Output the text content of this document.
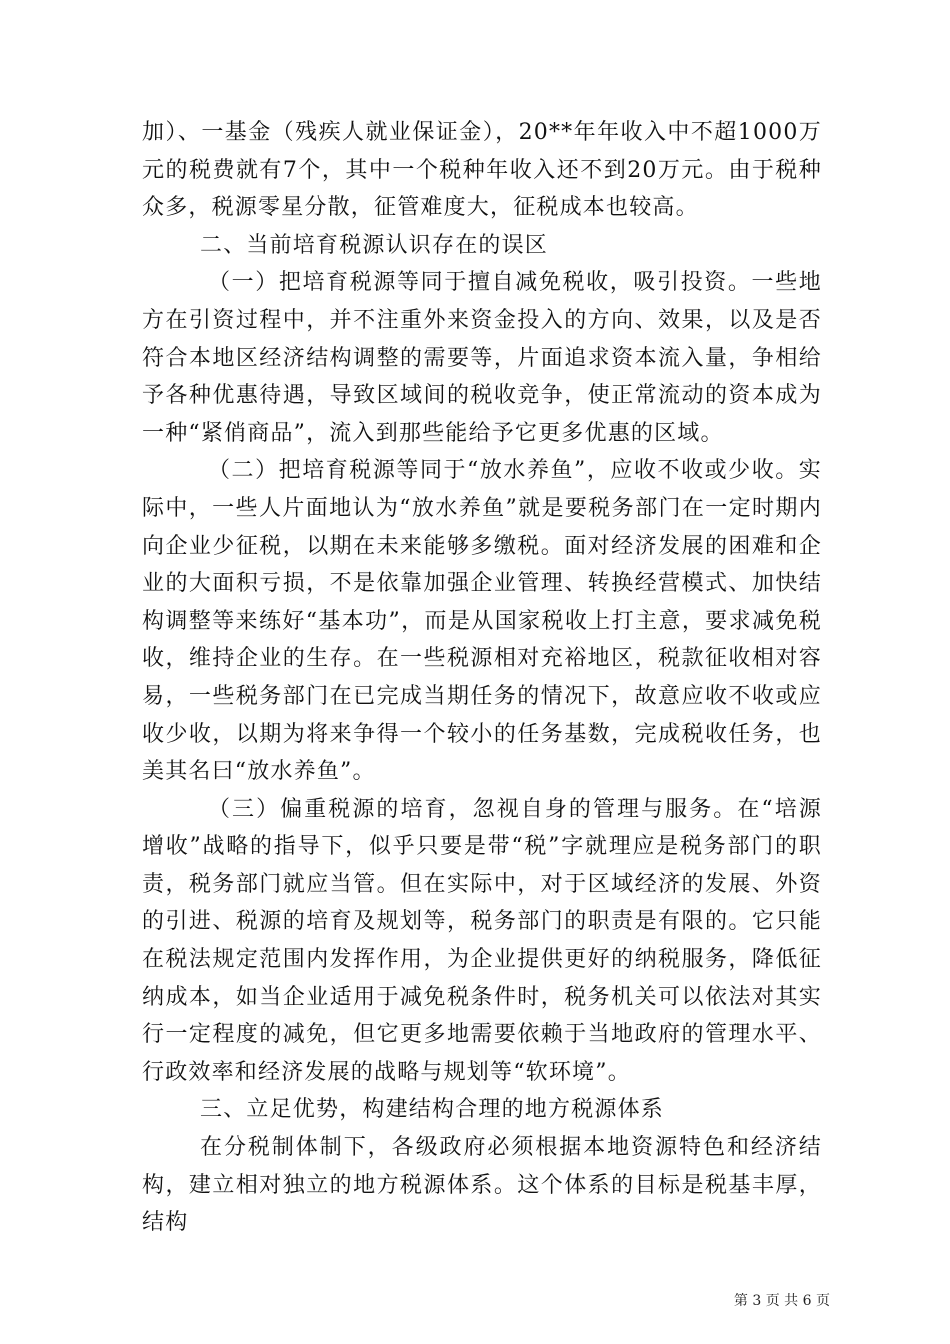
加）、一基金（残疾人就业保证金），20**年年收入中不超1000万元的税费就有7个，其中一个税种年收入还不到20万元。由于税种众多，税源零星分散，征管难度大，征税成本也较高。

二、当前培育税源认识存在的误区

（一）把培育税源等同于擅自减免税收，吸引投资。一些地方在引资过程中，并不注重外来资金投入的方向、效果，以及是否符合本地区经济结构调整的需要等，片面追求资本流入量，争相给予各种优惠待遇，导致区域间的税收竞争，使正常流动的资本成为一种“紧俏商品”，流入到那些能给予它更多优惠的区域。

（二）把培育税源等同于“放水养鱼”，应收不收或少收。实际中，一些人片面地认为“放水养鱼”就是要税务部门在一定时期内向企业少征税，以期在未来能够多缴税。面对经济发展的困难和企业的大面积亏损，不是依靠加强企业管理、转换经营模式、加快结构调整等来练好“基本功”，而是从国家税收上打主意，要求减免税收，维持企业的生存。在一些税源相对充裕地区，税款征收相对容易，一些税务部门在已完成当期任务的情况下，故意应收不收或应收少收，以期为将来争得一个较小的任务基数，完成税收任务，也美其名曰“放水养鱼”。

（三）偏重税源的培育，忽视自身的管理与服务。在“培源增收”战略的指导下，似乎只要是带“税”字就理应是税务部门的职责，税务部门就应当管。但在实际中，对于区域经济的发展、外资的引进、税源的培育及规划等，税务部门的职责是有限的。它只能在税法规定范围内发挥作用，为企业提供更好的纳税服务，降低征纳成本，如当企业适用于减免税条件时，税务机关可以依法对其实行一定程度的减免，但它更多地需要依赖于当地政府的管理水平、行政效率和经济发展的战略与规划等“软环境”。

三、立足优势，构建结构合理的地方税源体系

在分税制体制下，各级政府必须根据本地资源特色和经济结构，建立相对独立的地方税源体系。这个体系的目标是税基丰厚，结构

第 3 页 共 6 页
